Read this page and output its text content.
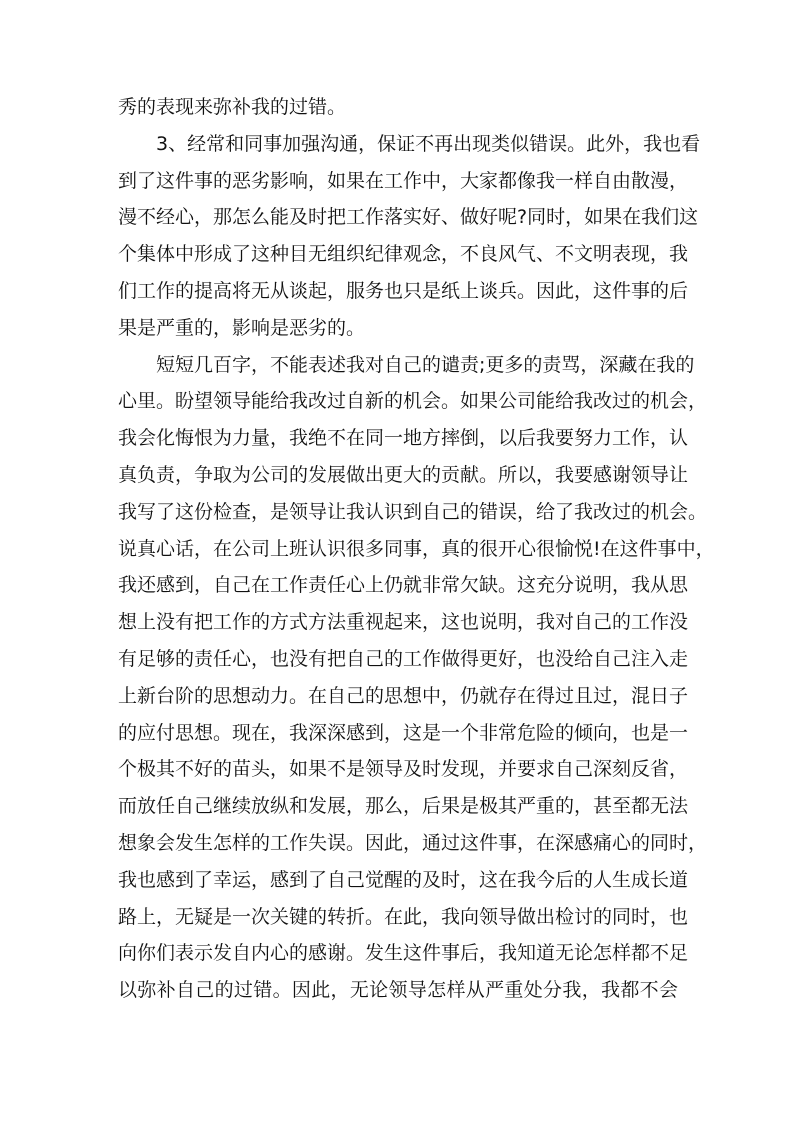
秀的表现来弥补我的过错。
　　3、经常和同事加强沟通，保证不再出现类似错误。此外，我也看
到了这件事的恶劣影响，如果在工作中，大家都像我一样自由散漫，
漫不经心，那怎么能及时把工作落实好、做好呢?同时，如果在我们这
个集体中形成了这种目无组织纪律观念，不良风气、不文明表现，我
们工作的提高将无从谈起，服务也只是纸上谈兵。因此，这件事的后
果是严重的，影响是恶劣的。
　　短短几百字，不能表述我对自己的谴责;更多的责骂，深藏在我的
心里。盼望领导能给我改过自新的机会。如果公司能给我改过的机会，
我会化悔恨为力量，我绝不在同一地方摔倒，以后我要努力工作，认
真负责，争取为公司的发展做出更大的贡献。所以，我要感谢领导让
我写了这份检查，是领导让我认识到自己的错误，给了我改过的机会。
说真心话，在公司上班认识很多同事，真的很开心很愉悦!在这件事中，
我还感到，自己在工作责任心上仍就非常欠缺。这充分说明，我从思
想上没有把工作的方式方法重视起来，这也说明，我对自己的工作没
有足够的责任心，也没有把自己的工作做得更好，也没给自己注入走
上新台阶的思想动力。在自己的思想中，仍就存在得过且过，混日子
的应付思想。现在，我深深感到，这是一个非常危险的倾向，也是一
个极其不好的苗头，如果不是领导及时发现，并要求自己深刻反省，
而放任自己继续放纵和发展，那么，后果是极其严重的，甚至都无法
想象会发生怎样的工作失误。因此，通过这件事，在深感痛心的同时，
我也感到了幸运，感到了自己觉醒的及时，这在我今后的人生成长道
路上，无疑是一次关键的转折。在此，我向领导做出检讨的同时，也
向你们表示发自内心的感谢。发生这件事后，我知道无论怎样都不足
以弥补自己的过错。因此，无论领导怎样从严重处分我，我都不会
